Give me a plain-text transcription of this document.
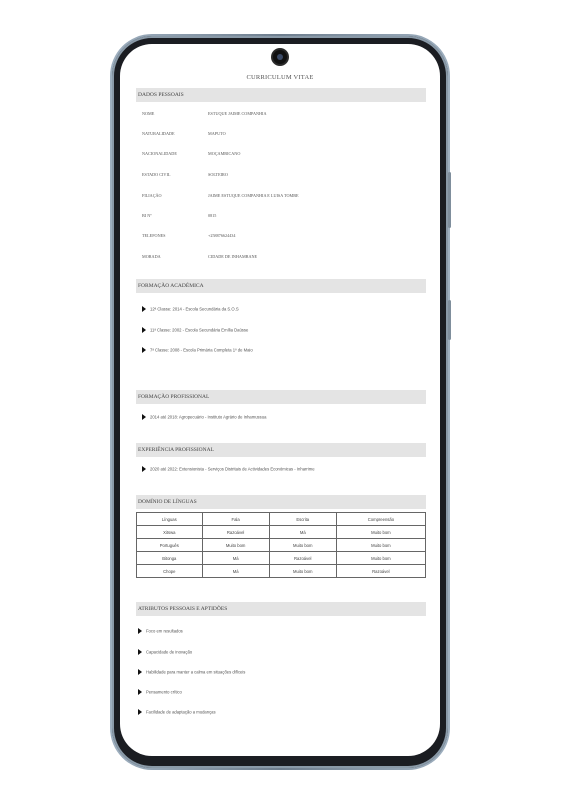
CURRICULUM VITAE
DADOS PESSOAIS
NOME	ESTUQUE JAIME COMPANHIA
NATURALIDADE	MAPUTO
NACIONALIDADE	MOÇAMBICANO
ESTADO CIVIL	SOLTEIRO
FILIAÇÃO	JAIME ESTUQUE COMPANHIA E LUISA TOMBE
BI Nº	0815
TELEFONES	+258876624434
MORADA	CIDADE DE INHAMBANE
FORMAÇÃO ACADÉMICA
12ª Classe: 2014 - Escola Secundária da S.O.S
11ª Classe: 2002 - Escola Secundária Emília Daússe
7ª Classe: 2008 - Escola Primária Completa 1º de Maio
FORMAÇÃO PROFISSIONAL
2014 até 2018: Agropecuário - Instituto Agrário de Inhamussua
EXPERIÊNCIA PROFISSIONAL
2020 até 2022: Extensionista - Serviços Distritais de Actividades Económicas - Inharrime
DOMÍNIO DE LÍNGUAS
Línguas	Fala	Escrita	Compreensão
Xitswa	Razoável	Má	Muito bom
Português	Muito bom	Muito bom	Muito bom
Bitonga	Má	Razoável	Muito bom
Chope	Má	Muito bom	Razoável
ATRIBUTOS PESSOAIS E APTIDÕES
Foco em resultados
Capacidade de inovação
Habilidade para manter a calma em situações difíceis
Pensamento crítico
Facilidade de adaptação a mudanças
